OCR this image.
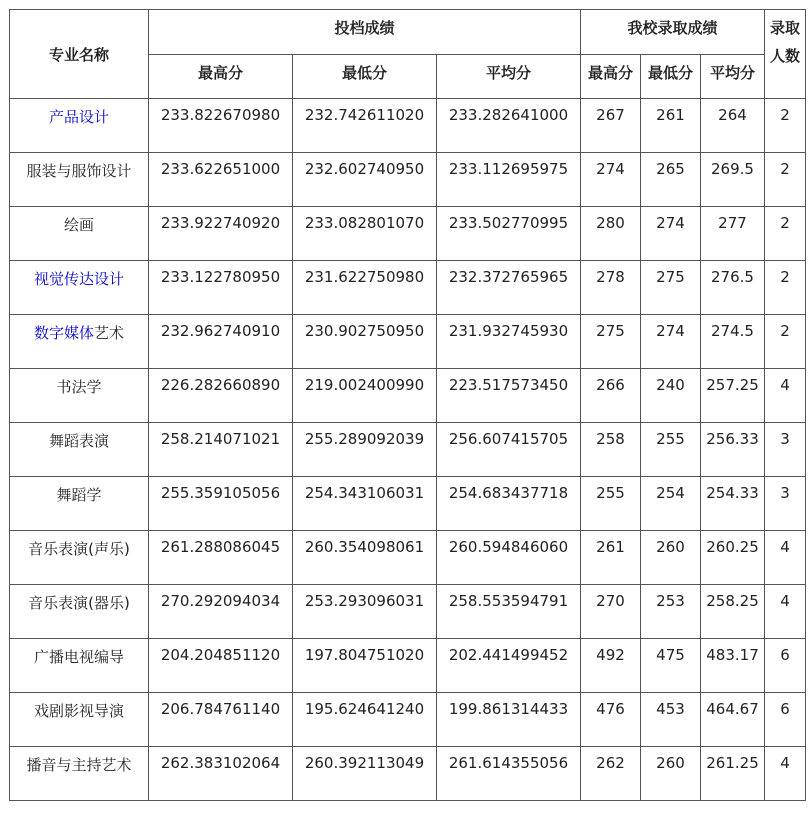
专业名称	投档成绩			我校录取成绩			录取人数
	最高分	最低分	平均分	最高分	最低分	平均分	
产品设计	233.822670980	232.742611020	233.282641000	267	261	264	2
服装与服饰设计	233.622651000	232.602740950	233.112695975	274	265	269.5	2
绘画	233.922740920	233.082801070	233.502770995	280	274	277	2
视觉传达设计	233.122780950	231.622750980	232.372765965	278	275	276.5	2
数字媒体艺术	232.962740910	230.902750950	231.932745930	275	274	274.5	2
书法学	226.282660890	219.002400990	223.517573450	266	240	257.25	4
舞蹈表演	258.214071021	255.289092039	256.607415705	258	255	256.33	3
舞蹈学	255.359105056	254.343106031	254.683437718	255	254	254.33	3
音乐表演(声乐)	261.288086045	260.354098061	260.594846060	261	260	260.25	4
音乐表演(器乐)	270.292094034	253.293096031	258.553594791	270	253	258.25	4
广播电视编导	204.204851120	197.804751020	202.441499452	492	475	483.17	6
戏剧影视导演	206.784761140	195.624641240	199.861314433	476	453	464.67	6
播音与主持艺术	262.383102064	260.392113049	261.614355056	262	260	261.25	4
